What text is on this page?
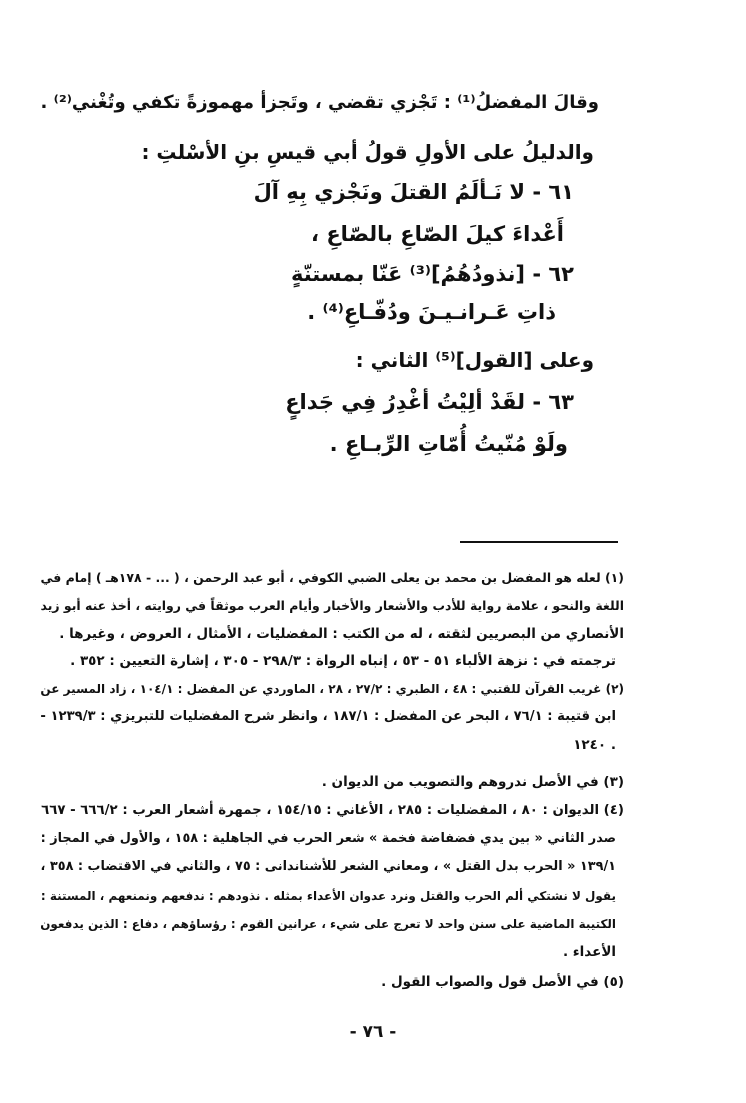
وقالَ المفضلُ⁽¹⁾ : تَجْزي تقضي ، وتَجزأ مهموزةً تكفي وتُغْني⁽²⁾ .
والدليلُ على الأولِ قولُ أبي قيسِ بنِ الأسْلتِ :
٦١ - لا نَـألَمُ القتلَ ونَجْزي بِهِ آلَ
أَعْداءَ كيلَ الصّاعِ بالصّاعِ ،
٦٢ - [نذودُهُمُ]⁽³⁾ عَنّا بمستنّةٍ
ذاتِ عَـرانـيـنَ ودُفّـاعِ⁽⁴⁾ .
وعلى [القول]⁽⁵⁾ الثاني :
٦٣ - لقَدْ ألِيْتُ أغْدِرُ فِي جَداعٍ
ولَوْ مُنّيتُ أُمّاتِ الرِّبـاعِ .
(١) لعله هو المفضل بن محمد بن يعلى الضبي الكوفي ، أبو عبد الرحمن ، ( ... - ١٧٨هـ ) إمام في
اللغة والنحو ، علامة رواية للأدب والأشعار والأخبار وأيام العرب موثقاً في روايته ، أخذ عنه أبو زيد
الأنصاري من البصريين لثقته ، له من الكتب : المفضليات ، الأمثال ، العروض ، وغيرها .
ترجمته في : نزهة الألباء ٥١ - ٥٣ ، إنباه الرواة : ٢٩٨/٣ - ٣٠٥ ، إشارة التعيين : ٣٥٢ .
(٢) غريب القرآن للقتبي : ٤٨ ، الطبري : ٢٧/٢ ، ٢٨ ، الماوردي عن المفضل : ١٠٤/١ ، زاد المسير عن
ابن قتيبة : ٧٦/١ ، البحر عن المفضل : ١٨٧/١ ، وانظر شرح المفضليات للتبريزي : ١٢٣٩/٣ -
١٢٤٠ .
(٣) في الأصل ندروهم والتصويب من الديوان .
(٤) الديوان : ٨٠ ، المفضليات : ٢٨٥ ، الأغاني : ١٥٤/١٥ ، جمهرة أشعار العرب : ٦٦٦/٢ - ٦٦٧
صدر الثاني « بين يدي فضفاضة فخمة » شعر الحرب في الجاهلية : ١٥٨ ، والأول في المجاز :
١٣٩/١ « الحرب بدل القتل » ، ومعاني الشعر للأشناندانى : ٧٥ ، والثاني في الاقتضاب : ٣٥٨ ،
يقول لا نشتكي ألم الحرب والقتل ونرد عدوان الأعداء بمثله . نذودهم : ندفعهم ونمنعهم ، المستنة :
الكتيبة الماضية على سنن واحد لا تعرج على شيء ، عرانين القوم : رؤساؤهم ، دفاع : الذين يدفعون
الأعداء .
(٥) في الأصل قول والصواب القول .
- ٧٦ -
